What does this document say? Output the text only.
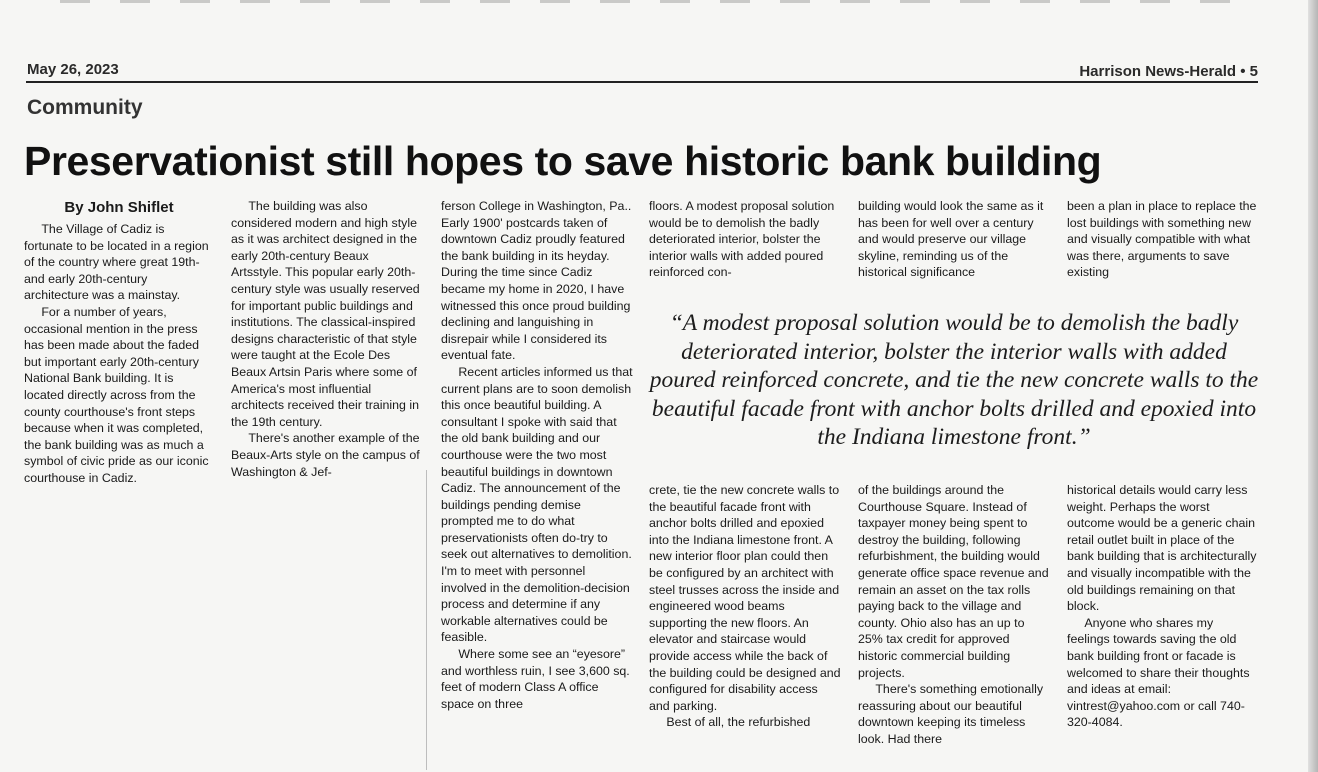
May 26, 2023	Harrison News-Herald • 5
Community
Preservationist still hopes to save historic bank building
By John Shiflet

The Village of Cadiz is fortunate to be located in a region of the country where great 19th- and early 20th-century architecture was a mainstay.

For a number of years, occasional mention in the press has been made about the faded but important early 20th-century National Bank building. It is located directly across from the county courthouse's front steps because when it was completed, the bank building was as much a symbol of civic pride as our iconic courthouse in Cadiz.

The building was also considered modern and high style as it was architect designed in the early 20th-century Beaux Artsstyle. This popular early 20th-century style was usually reserved for important public buildings and institutions. The classical-inspired designs characteristic of that style were taught at the Ecole Des Beaux Artsin Paris where some of America's most influential architects received their training in the 19th century.

There's another example of the Beaux-Arts style on the campus of Washington & Jef-

ferson College in Washington, Pa.. Early 1900' postcards taken of downtown Cadiz proudly featured the bank building in its heyday. During the time since Cadiz became my home in 2020, I have witnessed this once proud building declining and languishing in disrepair while I considered its eventual fate.

Recent articles informed us that current plans are to soon demolish this once beautiful building. A consultant I spoke with said that the old bank building and our courthouse were the two most beautiful buildings in downtown Cadiz. The announcement of the buildings pending demise prompted me to do what preservationists often do-try to seek out alternatives to demolition. I'm to meet with personnel involved in the demolition-decision process and determine if any workable alternatives could be feasible.

Where some see an “eyesore” and worthless ruin, I see 3,600 sq. feet of modern Class A office space on three

floors. A modest proposal solution would be to demolish the badly deteriorated interior, bolster the interior walls with added poured reinforced con-

building would look the same as it has been for well over a century and would preserve our village skyline, reminding us of the historical significance

been a plan in place to replace the lost buildings with something new and visually compatible with what was there, arguments to save existing

“A modest proposal solution would be to demolish the badly deteriorated interior, bolster the interior walls with added poured reinforced concrete, and tie the new concrete walls to the beautiful facade front with anchor bolts drilled and epoxied into the Indiana limestone front.”

crete, tie the new concrete walls to the beautiful facade front with anchor bolts drilled and epoxied into the Indiana limestone front. A new interior floor plan could then be configured by an architect with steel trusses across the inside and engineered wood beams supporting the new floors. An elevator and staircase would provide access while the back of the building could be designed and configured for disability access and parking.

Best of all, the refurbished

of the buildings around the Courthouse Square. Instead of taxpayer money being spent to destroy the building, following refurbishment, the building would generate office space revenue and remain an asset on the tax rolls paying back to the village and county. Ohio also has an up to 25% tax credit for approved historic commercial building projects.

There's something emotionally reassuring about our beautiful downtown keeping its timeless look. Had there

historical details would carry less weight. Perhaps the worst outcome would be a generic chain retail outlet built in place of the bank building that is architecturally and visually incompatible with the old buildings remaining on that block.

Anyone who shares my feelings towards saving the old bank building front or facade is welcomed to share their thoughts and ideas at email: vintrest@yahoo.com or call 740-320-4084.
